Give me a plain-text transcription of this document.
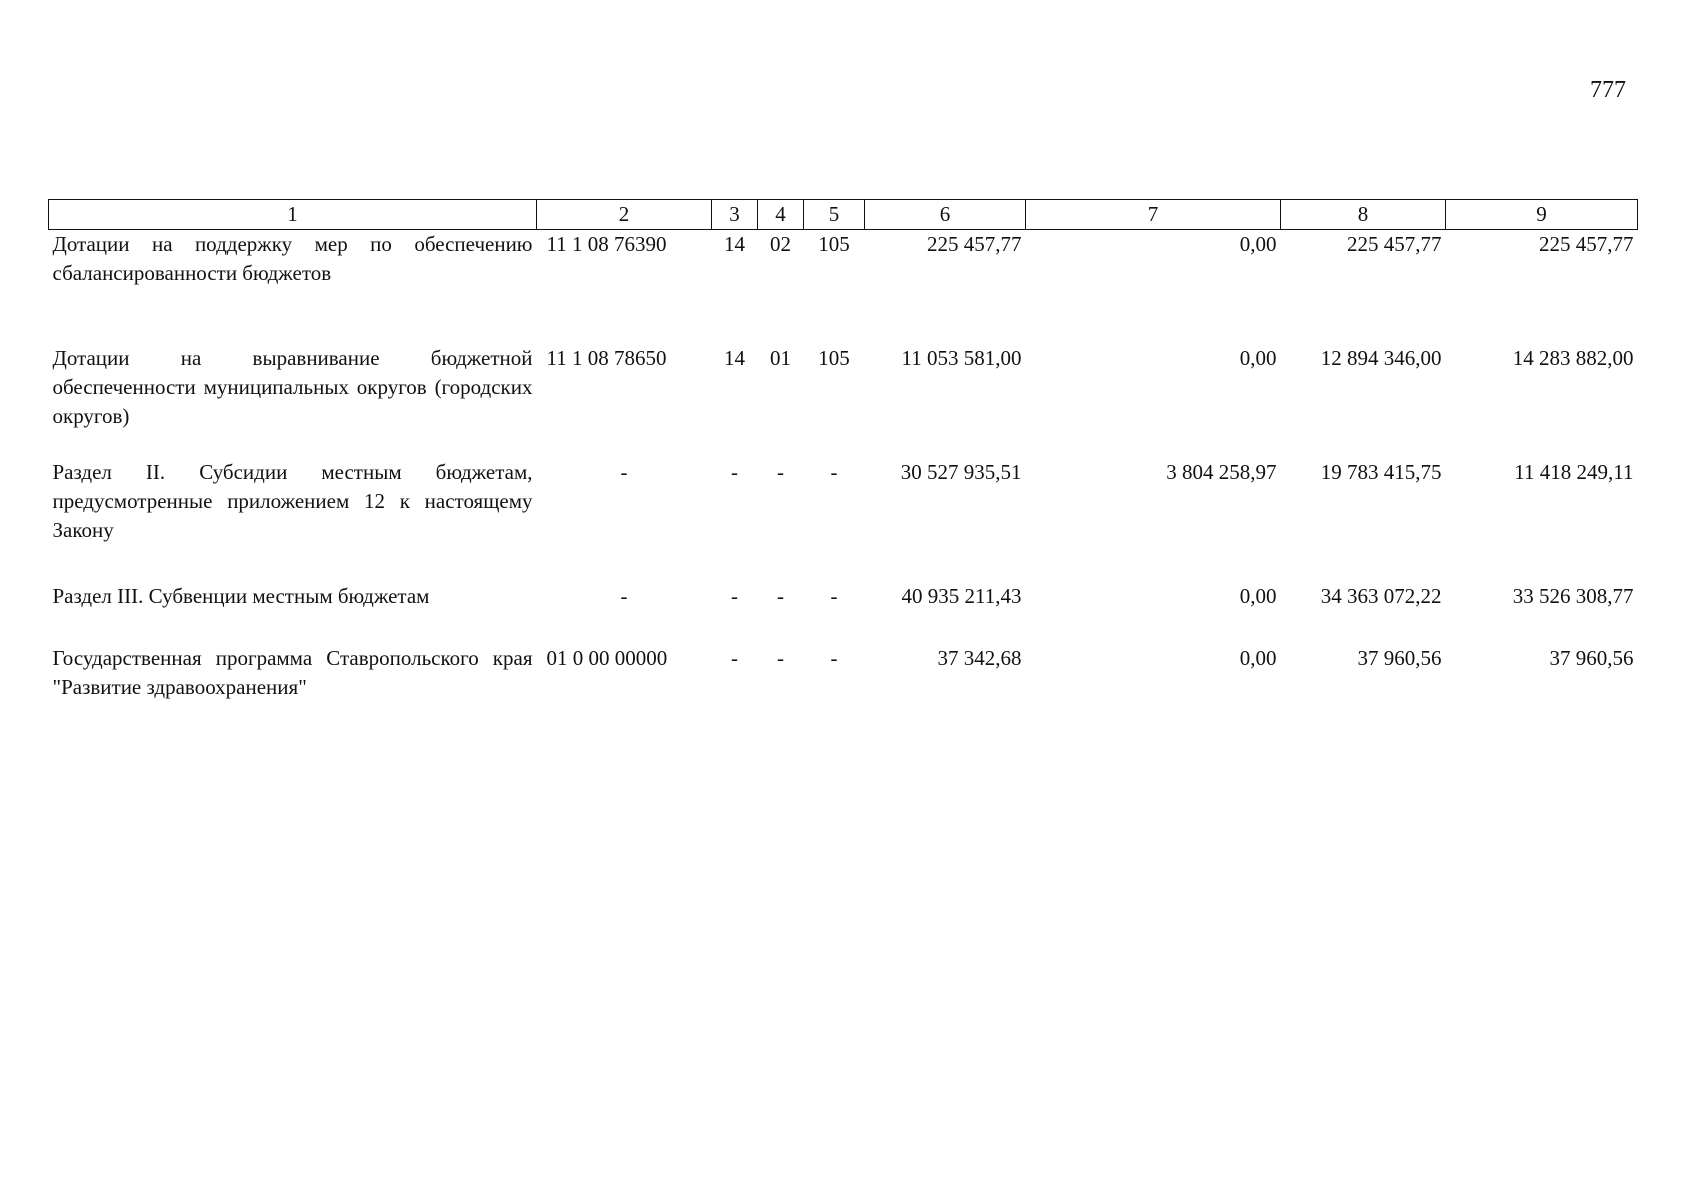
777
1	2	3	4	5	6	7	8	9
Дотации на поддержку мер по обеспечению сбалансированности бюджетов	11 1 08 76390	14	02	105	225 457,77	0,00	225 457,77	225 457,77
Дотации на выравнивание бюджетной обеспеченности муниципальных округов (городских округов)	11 1 08 78650	14	01	105	11 053 581,00	0,00	12 894 346,00	14 283 882,00
Раздел II. Субсидии местным бюджетам, предусмотренные приложением 12 к настоящему Закону	-	-	-	-	30 527 935,51	3 804 258,97	19 783 415,75	11 418 249,11
Раздел III. Субвенции местным бюджетам	-	-	-	-	40 935 211,43	0,00	34 363 072,22	33 526 308,77
Государственная программа Ставропольского края "Развитие здравоохранения"	01 0 00 00000	-	-	-	37 342,68	0,00	37 960,56	37 960,56
